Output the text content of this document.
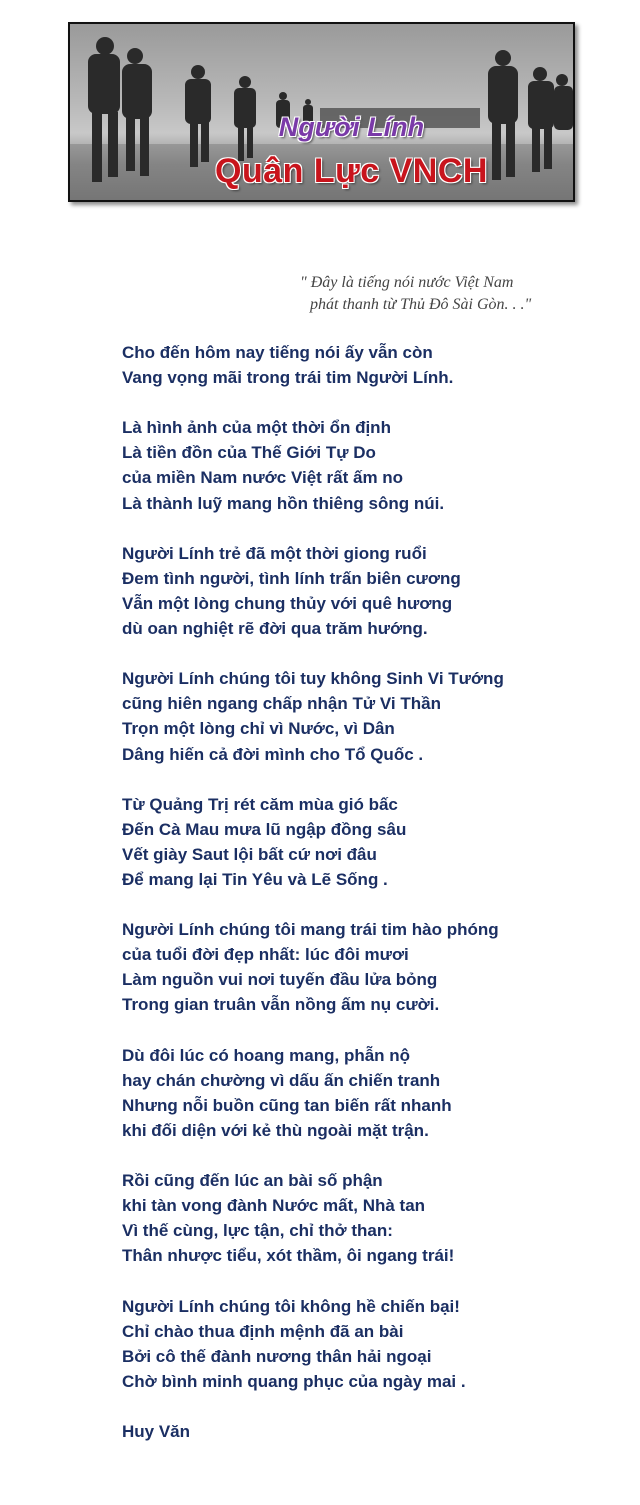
Người Lính
Quân Lực VNCH
" Đây là tiếng nói nước Việt Nam
phát thanh từ Thủ Đô Sài Gòn. . ."
Cho đến hôm nay tiếng nói ấy vẫn còn
Vang vọng mãi trong trái tim Người Lính.
Là hình ảnh của một thời ổn định
Là tiền đồn của Thế Giới Tự Do
của miền Nam nước Việt rất ấm no
Là thành luỹ mang hồn thiêng sông núi.
Người Lính trẻ đã một thời giong ruổi
Đem tình người, tình lính trấn biên cương
Vẫn một lòng chung thủy với quê hương
dù oan nghiệt rẽ đời qua trăm hướng.
Người Lính chúng tôi tuy không Sinh Vi Tướng
cũng hiên ngang chấp nhận Tử Vi Thần
Trọn một lòng chỉ vì Nước, vì Dân
Dâng hiến cả đời mình cho Tổ Quốc .
Từ Quảng Trị rét căm mùa gió bấc
Đến Cà Mau mưa lũ ngập đồng sâu
Vết giày Saut lội bất cứ nơi đâu
Để mang lại Tin Yêu và Lẽ Sống .
Người Lính chúng tôi mang trái tim hào phóng
của tuổi đời đẹp nhất: lúc đôi mươi
Làm nguồn vui nơi tuyến đầu lửa bỏng
Trong gian truân vẫn nồng ấm nụ cười.
Dù đôi lúc có hoang mang, phẫn nộ
hay chán chường vì dấu ấn chiến tranh
Nhưng nỗi buồn cũng tan biến rất nhanh
khi đối diện với kẻ thù ngoài mặt trận.
Rồi cũng đến lúc an bài số phận
khi tàn vong đành Nước mất, Nhà tan
Vì thế cùng, lực tận, chỉ thở than:
Thân nhược tiểu, xót thầm, ôi ngang trái!
Người Lính chúng tôi không hề chiến bại!
Chỉ chào thua định mệnh đã an bài
Bởi cô thế đành nương thân hải ngoại
Chờ bình minh quang phục của ngày mai .
Huy Văn
